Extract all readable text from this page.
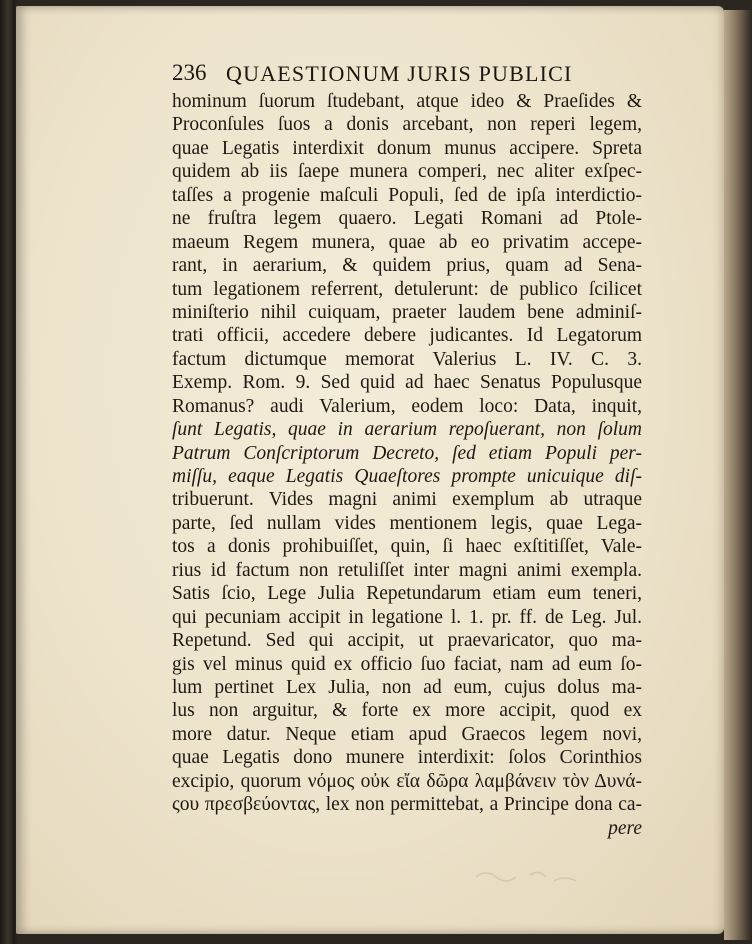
236 QUAESTIONUM JURIS PUBLICI
hominum ſuorum ſtudebant, atque ideo & Praeſides &
Proconſules ſuos a donis arcebant, non reperi legem,
quae Legatis interdixit donum munus accipere. Spreta
quidem ab iis ſaepe munera comperi, nec aliter exſpec-
taſſes a progenie maſculi Populi, ſed de ipſa interdictio-
ne fruſtra legem quaero. Legati Romani ad Ptole-
maeum Regem munera, quae ab eo privatim accepe-
rant, in aerarium, & quidem prius, quam ad Sena-
tum legationem referrent, detulerunt: de publico ſcilicet
miniſterio nihil cuiquam, praeter laudem bene adminiſ-
trati officii, accedere debere judicantes. Id Legatorum
factum dictumque memorat Valerius L. IV. C. 3.
Exemp. Rom. 9. Sed quid ad haec Senatus Populusque
Romanus? audi Valerium, eodem loco: Data, inquit,
ſunt Legatis, quae in aerarium repoſuerant, non ſolum
Patrum Conſcriptorum Decreto, ſed etiam Populi per-
miſſu, eaque Legatis Quaeſtores prompte unicuique diſ-
tribuerunt. Vides magni animi exemplum ab utraque
parte, ſed nullam vides mentionem legis, quae Lega-
tos a donis prohibuiſſet, quin, ſi haec exſtitiſſet, Vale-
rius id factum non retuliſſet inter magni animi exempla.
Satis ſcio, Lege Julia Repetundarum etiam eum teneri,
qui pecuniam accipit in legatione l. 1. pr. ff. de Leg. Jul.
Repetund. Sed qui accipit, ut praevaricator, quo ma-
gis vel minus quid ex officio ſuo faciat, nam ad eum ſo-
lum pertinet Lex Julia, non ad eum, cujus dolus ma-
lus non arguitur, & forte ex more accipit, quod ex
more datur. Neque etiam apud Graecos legem novi,
quae Legatis dono munere interdixit: ſolos Corinthios
excipio, quorum νόμος οὐκ εἴα δῶρα λαμβάνειν τὸν Δυνά-
ςου πρεσβεύοντας, lex non permittebat, a Principe dona ca-
pere
